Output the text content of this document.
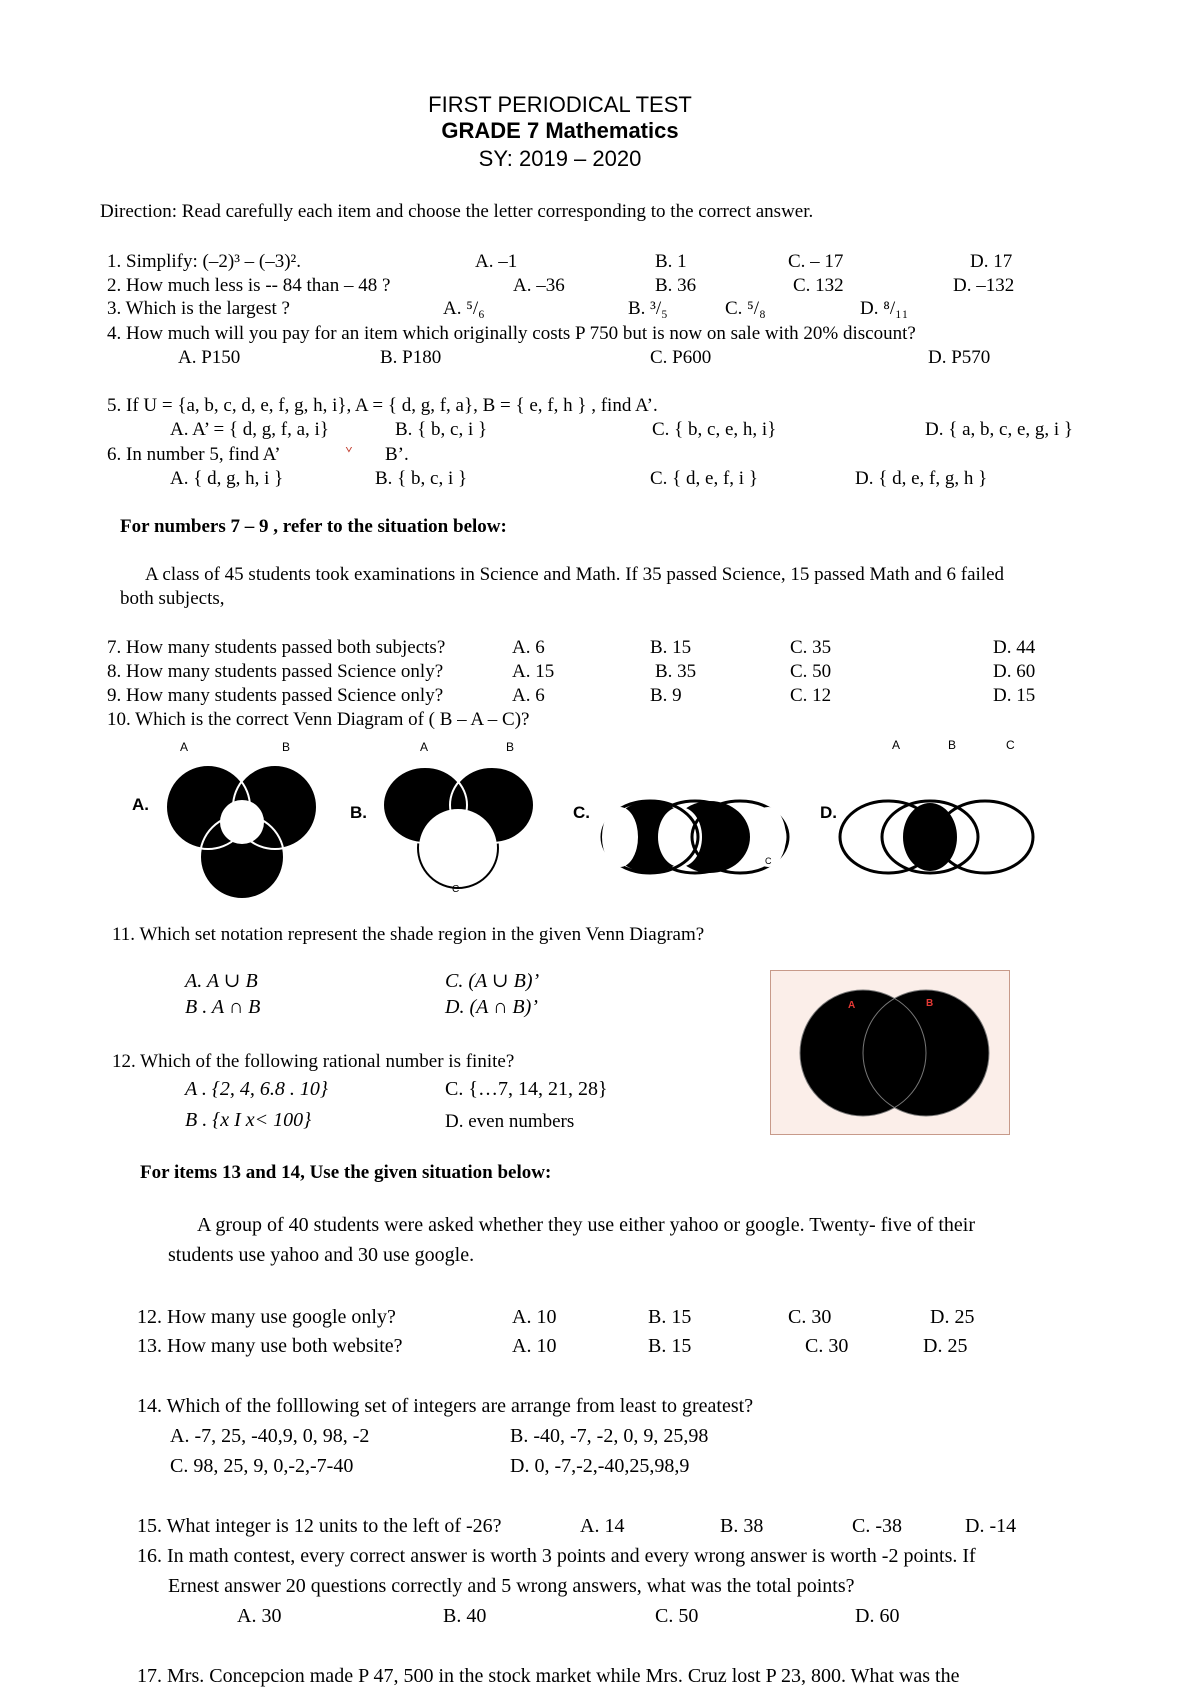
FIRST PERIODICAL TEST
GRADE 7 Mathematics
SY: 2019 – 2020
Direction: Read carefully each item and choose the letter corresponding to the correct answer.
1. Simplify: (–2)³ – (–3)².	A. –1	B. 1	C. – 17	D. 17
2. How much less is -- 84 than – 48 ?	A. –36	B. 36	C. 132	D. –132
3. Which is the largest ?	A. ⁵/₆	B. ³/₅	C. ⁵/₈	D. ⁸/₁₁
4. How much will you pay for an item which originally costs P 750 but is now on sale with 20% discount?
A. P150	B. P180	C. P600	D. P570
5. If U = {a, b, c, d, e, f, g, h, i}, A = { d, g, f, a}, B = { e, f, h } , find A’.
A. A’ = { d, g, f, a, i}	B. { b, c, i }	C. { b, c, e, h, i}	D. { a, b, c, e, g, i }
6. In number 5, find A’	ᘁ B’.
A. { d, g, h, i }	B. { b, c, i }	C. { d, e, f, i }	D. { d, e, f, g, h }
For numbers 7 – 9 , refer to the situation below:
A class of 45 students took examinations in Science and Math. If 35 passed Science, 15 passed Math and 6 failed
both subjects,
7. How many students passed both subjects?	A. 6	B. 15	C. 35	D. 44
8. How many students passed Science only?	A. 15	B. 35	C. 50	D. 60
9. How many students passed Science only?	A. 6	B. 9	C. 12	D. 15
10. Which is the correct Venn Diagram of ( B – A – C)?
A	B	A	B	A	B	C
A.	B.	C.	D.
A	B	C
C
11. Which set notation represent the shade region in the given Venn Diagram?
A. A ∪ B
B . A ∩ B
C. (A ∪ B)’
D. (A ∩ B)’	A	B
12. Which of the following rational number is finite?
A . {2, 4, 6.8 . 10}
B . {x I x< 100}
C. {…7, 14, 21, 28}
D. even numbers
For items 13 and 14, Use the given situation below:
A group of 40 students were asked whether they use either yahoo or google. Twenty- five of their
students use yahoo and 30 use google.
12. How many use google only?	A. 10	B. 15	C. 30	D. 25
13. How many use both website?	A. 10	B. 15	C. 30	D. 25
14. Which of the folllowing set of integers are arrange from least to greatest?
A. -7, 25, -40,9, 0, 98, -2	B. -40, -7, -2, 0, 9, 25,98
C. 98, 25, 9, 0,-2,-7-40	D. 0, -7,-2,-40,25,98,9
15. What integer is 12 units to the left of -26?	A. 14	B. 38	C. -38	D. -14
16. In math contest, every correct answer is worth 3 points and every wrong answer is worth -2 points. If
Ernest answer 20 questions correctly and 5 wrong answers, what was the total points?
A. 30	B. 40	C. 50	D. 60
17. Mrs. Concepcion made P 47, 500 in the stock market while Mrs. Cruz lost P 23, 800. What was the
